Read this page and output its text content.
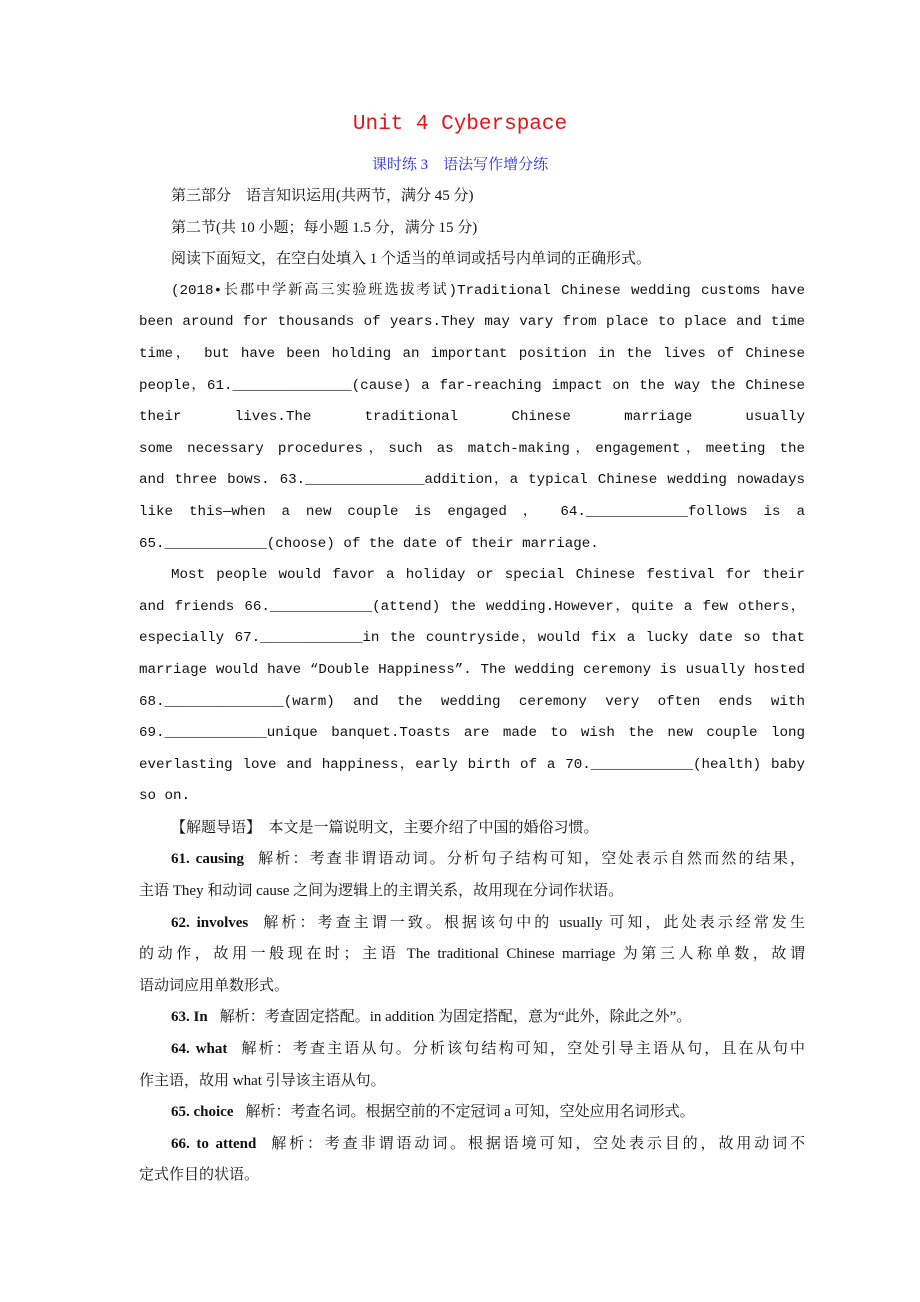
Unit 4 Cyberspace
课时练 3　语法写作增分练
第三部分　语言知识运用(共两节，满分 45 分)
第二节(共 10 小题；每小题 1.5 分，满分 15 分)
阅读下面短文，在空白处填入 1 个适当的单词或括号内单词的正确形式。
(2018•长郡中学新高三实验班选拔考试)Traditional Chinese wedding customs have
been around for thousands of years.They may vary from place to place and time
time， but have been holding an important position in the lives of Chinese
people，61.______________(cause) a far-reaching impact on the way the Chinese
their lives.The traditional Chinese marriage usually
some necessary procedures，such as match-making，engagement，meeting the
and three bows. 63.______________addition，a typical Chinese wedding nowadays
like this—when a new couple is engaged ， 64.____________follows is a
65.____________(choose) of the date of their marriage.
Most people would favor a holiday or special Chinese festival for their
and friends 66.____________(attend) the wedding.However，quite a few others，
especially 67.____________in the countryside，would fix a lucky date so that
marriage would have “Double Happiness”. The wedding ceremony is usually hosted
68.______________(warm) and the wedding ceremony very often ends with
69.____________unique banquet.Toasts are made to wish the new couple long
everlasting love and happiness，early birth of a 70.____________(health) baby
so on.
【解题导语】　本文是一篇说明文，主要介绍了中国的婚俗习惯。
61. causing 解析：考查非谓语动词。分析句子结构可知，空处表示自然而然的结果，
主语 They 和动词 cause 之间为逻辑上的主谓关系，故用现在分词作状语。
62. involves 解析：考查主谓一致。根据该句中的 usually 可知，此处表示经常发生
的动作，故用一般现在时；主语 The traditional Chinese marriage 为第三人称单数，故谓
语动词应用单数形式。
63. In 解析：考查固定搭配。in addition 为固定搭配，意为“此外，除此之外”。
64. what 解析：考查主语从句。分析该句结构可知，空处引导主语从句，且在从句中
作主语，故用 what 引导该主语从句。
65. choice 解析：考查名词。根据空前的不定冠词 a 可知，空处应用名词形式。
66. to attend 解析：考查非谓语动词。根据语境可知，空处表示目的，故用动词不
定式作目的状语。
